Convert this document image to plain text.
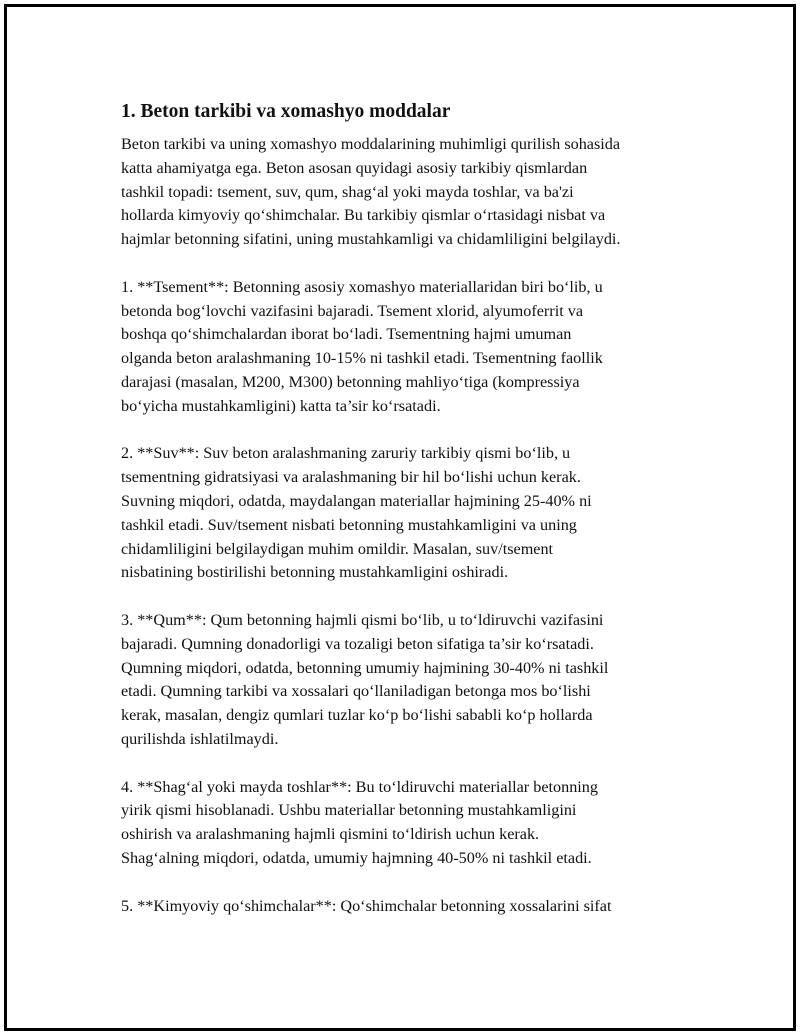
1. Beton tarkibi va xomashyo moddalar

Beton tarkibi va uning xomashyo moddalarining muhimligi qurilish sohasida
katta ahamiyatga ega. Beton asosan quyidagi asosiy tarkibiy qismlardan
tashkil topadi: tsement, suv, qum, shag‘al yoki mayda toshlar, va ba'zi
hollarda kimyoviy qo‘shimchalar. Bu tarkibiy qismlar o‘rtasidagi nisbat va
hajmlar betonning sifatini, uning mustahkamligi va chidamliligini belgilaydi.

1. **Tsement**: Betonning asosiy xomashyo materiallaridan biri bo‘lib, u
betonda bog‘lovchi vazifasini bajaradi. Tsement xlorid, alyumoferrit va
boshqa qo‘shimchalardan iborat bo‘ladi. Tsementning hajmi umuman
olganda beton aralashmaning 10-15% ni tashkil etadi. Tsementning faollik
darajasi (masalan, M200, M300) betonning mahliyo‘tiga (kompressiya
bo‘yicha mustahkamligini) katta ta’sir ko‘rsatadi.

2. **Suv**: Suv beton aralashmaning zaruriy tarkibiy qismi bo‘lib, u
tsementning gidratsiyasi va aralashmaning bir hil bo‘lishi uchun kerak.
Suvning miqdori, odatda, maydalangan materiallar hajmining 25-40% ni
tashkil etadi. Suv/tsement nisbati betonning mustahkamligini va uning
chidamliligini belgilaydigan muhim omildir. Masalan, suv/tsement
nisbatining bostirilishi betonning mustahkamligini oshiradi.

3. **Qum**: Qum betonning hajmli qismi bo‘lib, u to‘ldiruvchi vazifasini
bajaradi. Qumning donadorligi va tozaligi beton sifatiga ta’sir ko‘rsatadi.
Qumning miqdori, odatda, betonning umumiy hajmining 30-40% ni tashkil
etadi. Qumning tarkibi va xossalari qo‘llaniladigan betonga mos bo‘lishi
kerak, masalan, dengiz qumlari tuzlar ko‘p bo‘lishi sababli ko‘p hollarda
qurilishda ishlatilmaydi.

4. **Shag‘al yoki mayda toshlar**: Bu to‘ldiruvchi materiallar betonning
yirik qismi hisoblanadi. Ushbu materiallar betonning mustahkamligini
oshirish va aralashmaning hajmli qismini to‘ldirish uchun kerak.
Shag‘alning miqdori, odatda, umumiy hajmning 40-50% ni tashkil etadi.

5. **Kimyoviy qo‘shimchalar**: Qo‘shimchalar betonning xossalarini sifat
